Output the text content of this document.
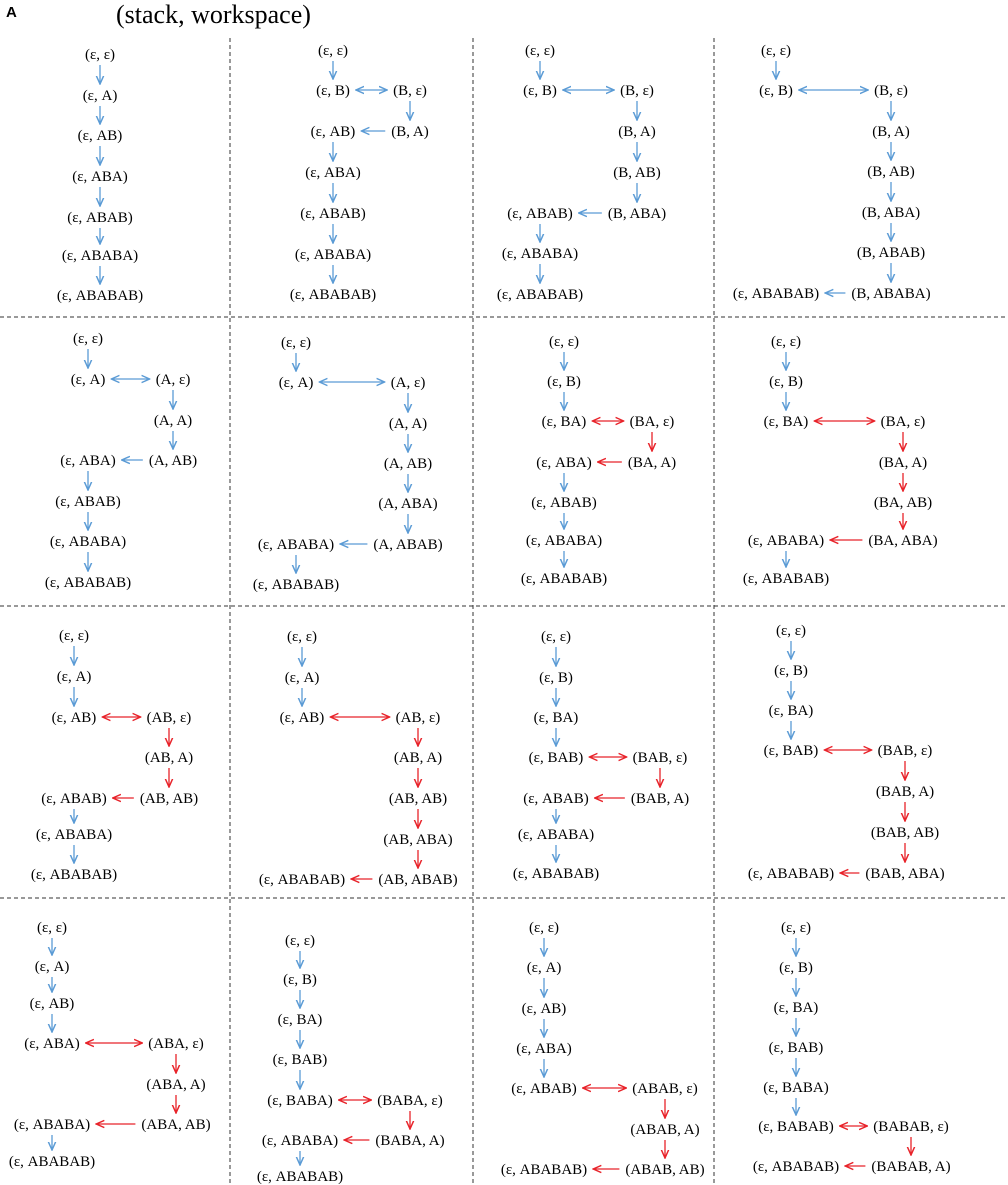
A	(stack, workspace)
(ε, ε)
(ε, A)
(ε, AB)
(ε, ABA)
(ε, ABAB)
(ε, ABABA)
(ε, ABABAB)
(ε, ε)
(ε, B)	(B, ε)
(ε, AB) (B, A)
(ε, ABA)
(ε, ABAB)
(ε, ABABA)
(ε, ABABAB)
(ε, ε)
(ε, B)	(B, ε)
(B, A)
(B, AB)
(ε, ABAB) (B, ABA)
(ε, ABABA)
(ε, ABABAB)
(ε, ε)
(ε, B)	(B, ε)
(B, A)
(B, AB)
(B, ABA)
(B, ABAB)
(ε, ABABAB) (B, ABABA)
(ε, ε)
(ε, A)	(A, ε)
(A, A)
(ε, ABA) (A, AB)
(ε, ABAB)
(ε, ABABA)
(ε, ABABAB)
(ε, ε)
(ε, A)	(A, ε)
(A, A)
(A, AB)
(A, ABA)
(ε, ABABA)	(A, ABAB)
(ε, ABABAB)
(ε, ε)
(ε, B)
(ε, BA)	(BA, ε)
(ε, ABA) (BA, A)
(ε, ABAB)
(ε, ABABA)
(ε, ABABAB)
(ε, ε)
(ε, B)
(ε, BA)	(BA, ε)
(BA, A)
(BA, AB)
(ε, ABABA)	(BA, ABA)
(ε, ABABAB)
(ε, ε)
(ε, A)
(ε, AB)	(AB, ε)
(AB, A)
(ε, ABAB) (AB, AB)
(ε, ABABA)
(ε, ABABAB)
(ε, ε)
(ε, A)
(ε, AB)	(AB, ε)
(AB, A)
(AB, AB)
(AB, ABA)
(ε, ABABAB) (AB, ABAB)
(ε, ε)
(ε, B)
(ε, BA)
(ε, BAB)	(BAB, ε)
(ε, ABAB)	(BAB, A)
(ε, ABABA)
(ε, ABABAB)
(ε, ε)
(ε, B)
(ε, BA)
(ε, BAB)	(BAB, ε)
(BAB, A)
(BAB, AB)
(ε, ABABAB) (BAB, ABA)
(ε, ε)
(ε, A)
(ε, AB)
(ε, ABA)	(ABA, ε)
(ABA, A)
(ε, ABABA)	(ABA, AB)
(ε, ABABAB)
(ε, ε)
(ε, B)
(ε, BA)
(ε, BAB)
(ε, BABA)	(BABA, ε)
(ε, ABABA) (BABA, A)
(ε, ABABAB)
(ε, ε)
(ε, A)
(ε, AB)
(ε, ABA)
(ε, ABAB)	(ABAB, ε)
(ABAB, A)
(ε, ABABAB)	(ABAB, AB)
(ε, ε)
(ε, B)
(ε, BA)
(ε, BAB)
(ε, BABA)
(ε, BABAB)	(BABAB, ε)
(ε, ABABAB) (BABAB, A)
